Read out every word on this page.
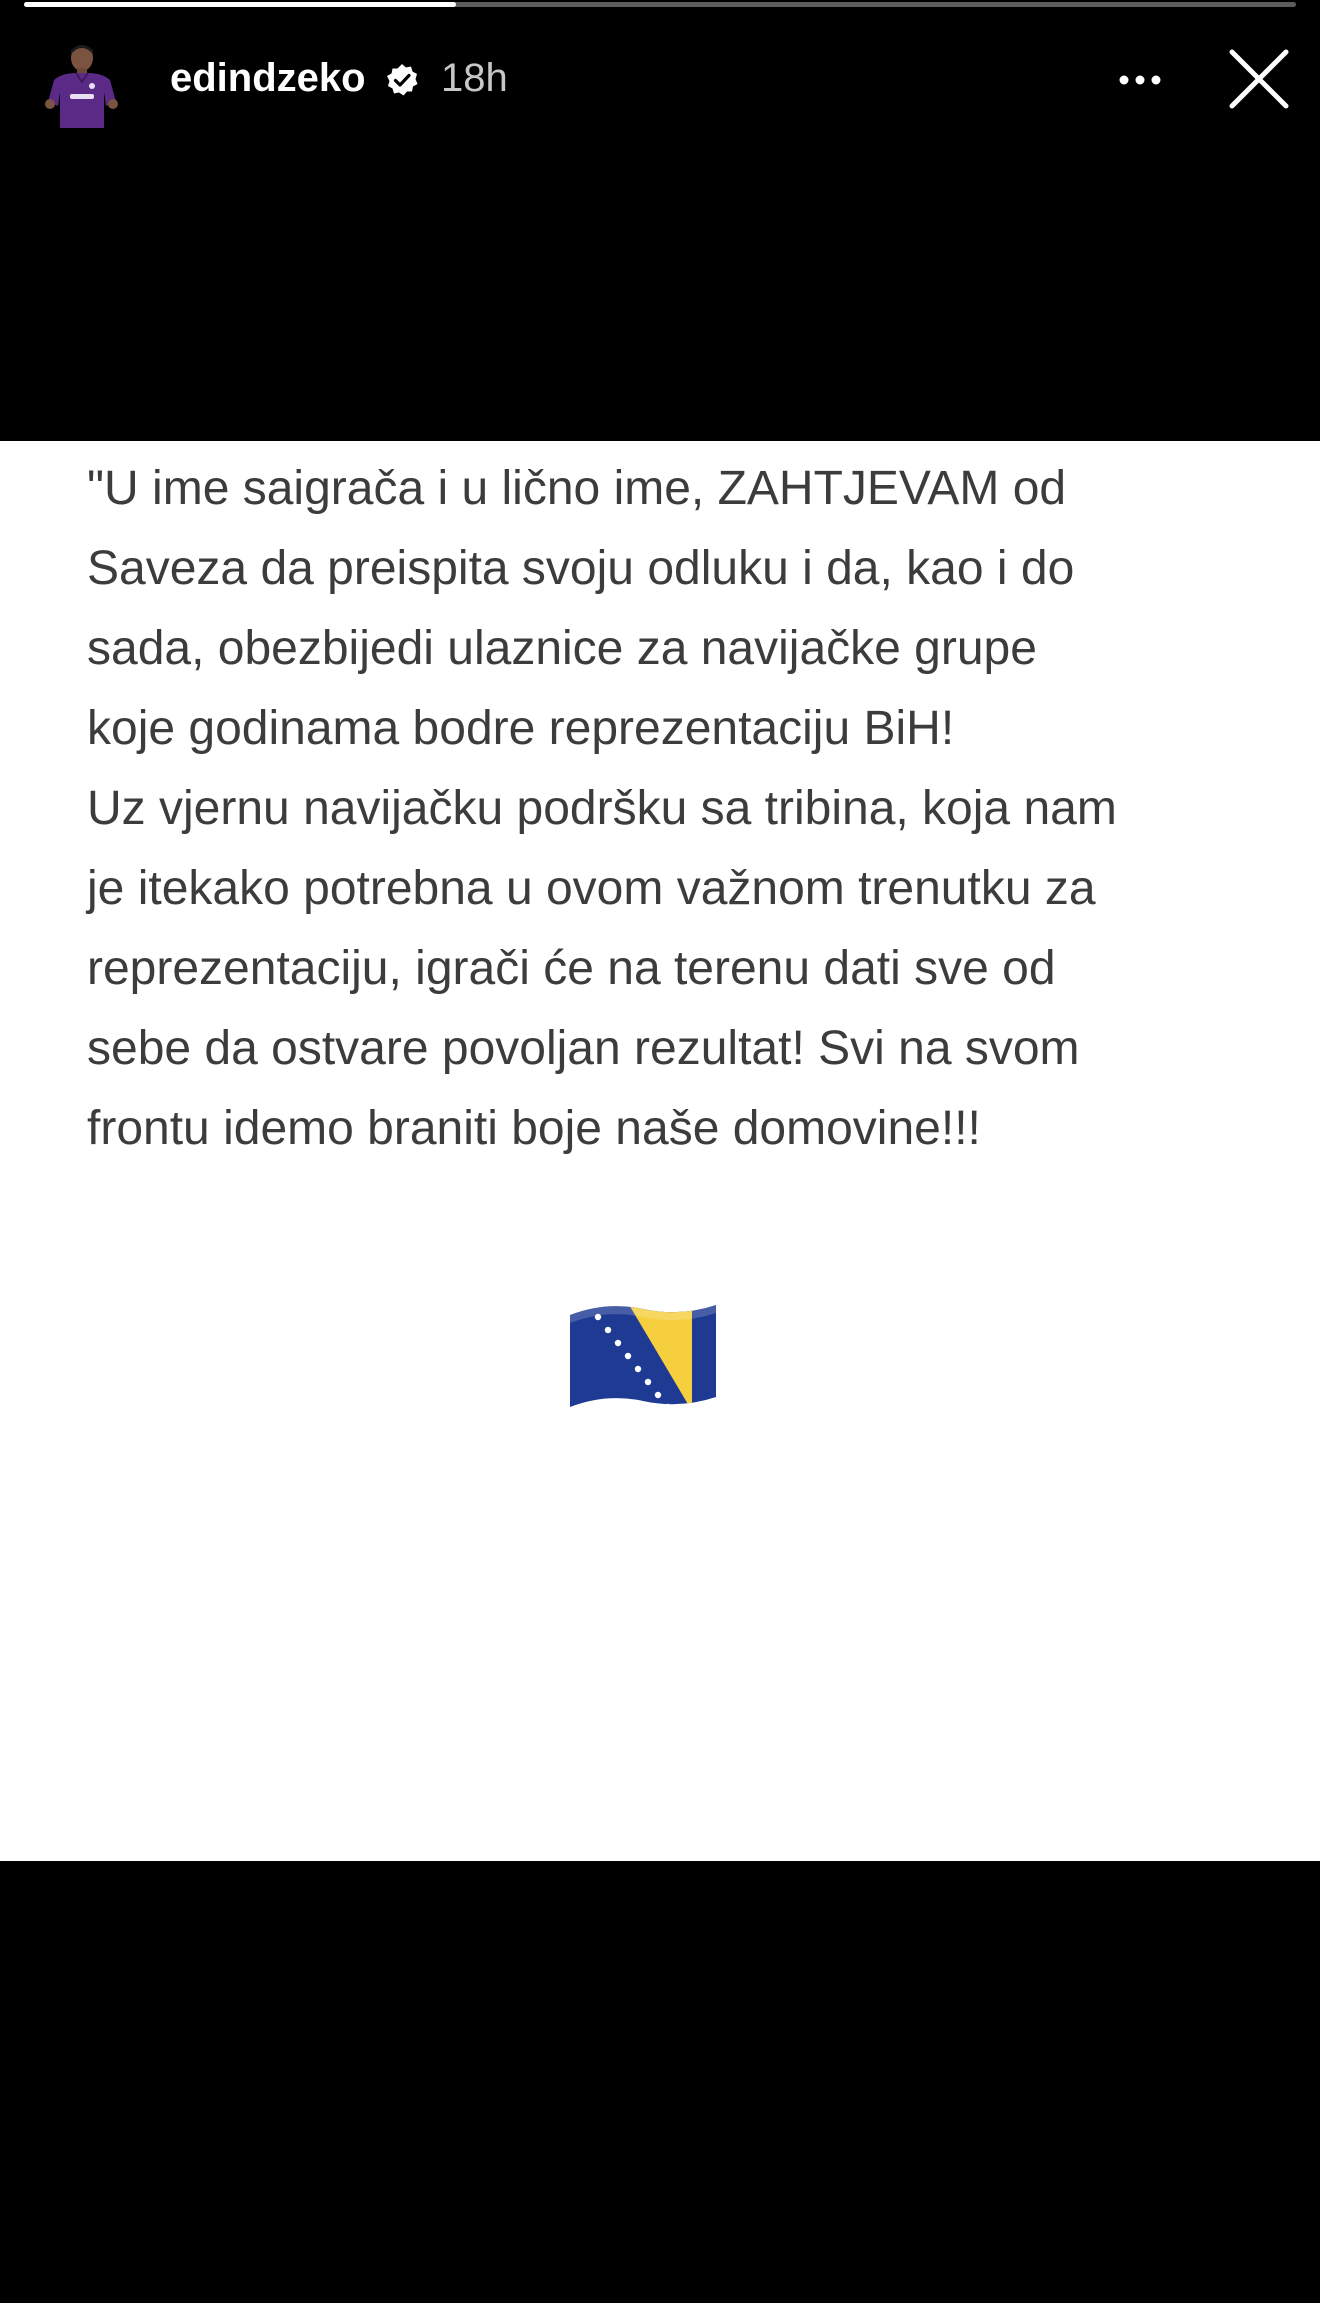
edindzeko 18h

"U ime saigrača i u lično ime, ZAHTJEVAM od
Saveza da preispita svoju odluku i da, kao i do
sada, obezbijedi ulaznice za navijačke grupe
koje godinama bodre reprezentaciju BiH!
Uz vjernu navijačku podršku sa tribina, koja nam
je itekako potrebna u ovom važnom trenutku za
reprezentaciju, igrači će na terenu dati sve od
sebe da ostvare povoljan rezultat! Svi na svom
frontu idemo braniti boje naše domovine!!!
